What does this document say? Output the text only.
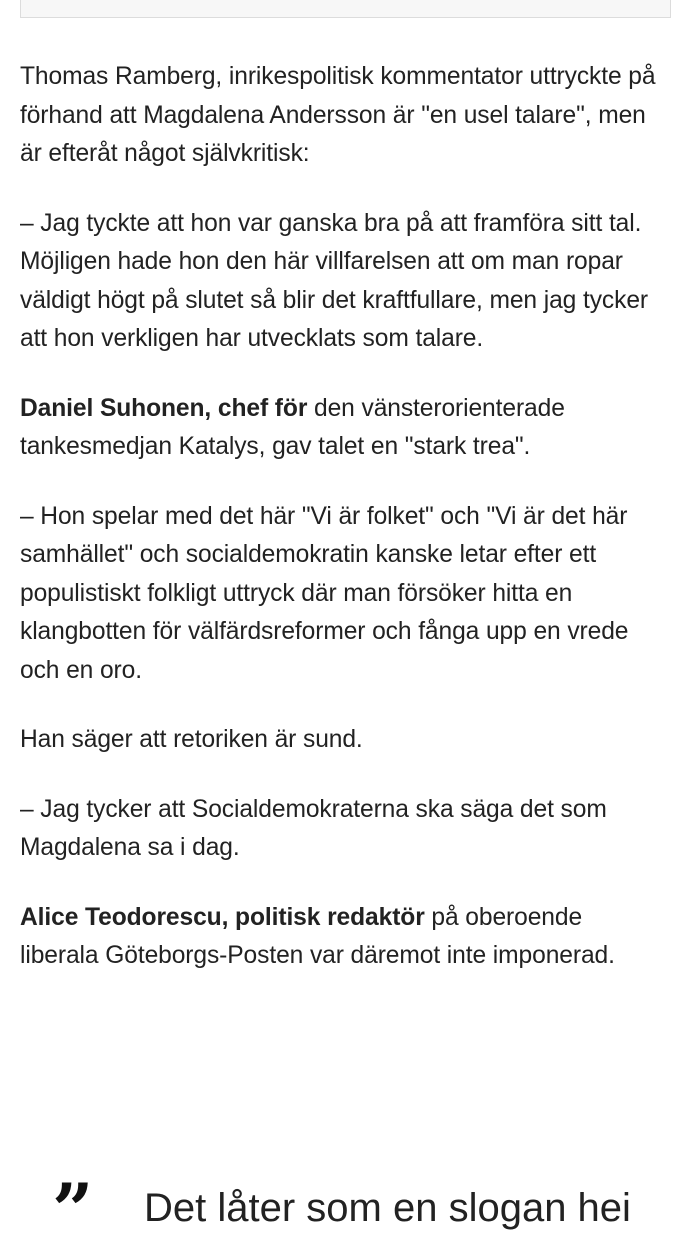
Thomas Ramberg, inrikespolitisk kommentator uttryckte på förhand att Magdalena Andersson är "en usel talare", men är efteråt något självkritisk:

– Jag tyckte att hon var ganska bra på att framföra sitt tal. Möjligen hade hon den här villfarelsen att om man ropar väldigt högt på slutet så blir det kraftfullare, men jag tycker att hon verkligen har utvecklats som talare.

Daniel Suhonen, chef för den vänsterorienterade tankesmedjan Katalys, gav talet en "stark trea".

– Hon spelar med det här "Vi är folket" och "Vi är det här samhället" och socialdemokratin kanske letar efter ett populistiskt folkligt uttryck där man försöker hitta en klangbotten för välfärdsreformer och fånga upp en vrede och en oro.

Han säger att retoriken är sund.

– Jag tycker att Socialdemokraterna ska säga det som Magdalena sa i dag.

Alice Teodorescu, politisk redaktör på oberoende liberala Göteborgs-Posten var däremot inte imponerad.

” Det låter som en slogan hei
